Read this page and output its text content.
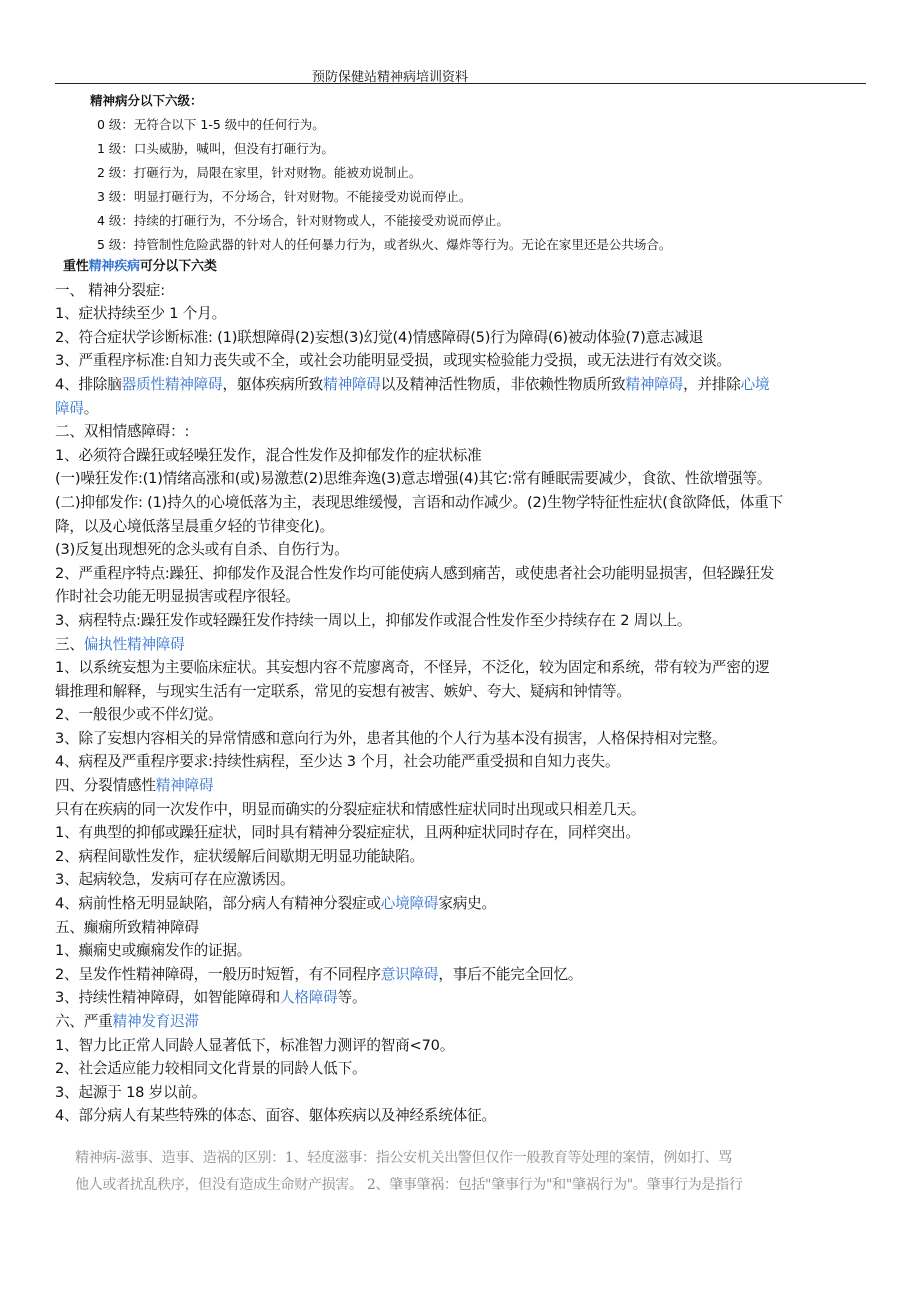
预防保健站精神病培训资料
精神病分以下六级：
0 级：无符合以下 1-5 级中的任何行为。
1 级：口头威胁，喊叫，但没有打砸行为。
2 级：打砸行为，局限在家里，针对财物。能被劝说制止。
3 级：明显打砸行为，不分场合，针对财物。不能接受劝说而停止。
4 级：持续的打砸行为，不分场合，针对财物或人，不能接受劝说而停止。
5 级：持管制性危险武器的针对人的任何暴力行为，或者纵火、爆炸等行为。无论在家里还是公共场合。
重性精神疾病可分以下六类
一、 精神分裂症:
1、症状持续至少 1 个月。
2、符合症状学诊断标准: (1)联想障碍(2)妄想(3)幻觉(4)情感障碍(5)行为障碍(6)被动体验(7)意志减退
3、严重程序标准:自知力丧失或不全，或社会功能明显受损，或现实检验能力受损，或无法进行有效交谈。
4、排除脑器质性精神障碍，躯体疾病所致精神障碍以及精神活性物质，非依赖性物质所致精神障碍，并排除心境
障碍。
二、双相情感障碍：:
1、必须符合躁狂或轻噪狂发作，混合性发作及抑郁发作的症状标准
(一)噪狂发作:(1)情绪高涨和(或)易激惹(2)思维奔逸(3)意志增强(4)其它:常有睡眠需要减少，食欲、性欲增强等。
(二)抑郁发作: (1)持久的心境低落为主，表现思维缓慢，言语和动作减少。(2)生物学特征性症状(食欲降低，体重下
降，以及心境低落呈晨重夕轻的节律变化)。
(3)反复出现想死的念头或有自杀、自伤行为。
2、严重程序特点:躁狂、抑郁发作及混合性发作均可能使病人感到痛苦，或使患者社会功能明显损害，但轻躁狂发
作时社会功能无明显损害或程序很轻。
3、病程特点:躁狂发作或轻躁狂发作持续一周以上，抑郁发作或混合性发作至少持续存在 2 周以上。
三、偏执性精神障碍
1、以系统妄想为主要临床症状。其妄想内容不荒廖离奇，不怪异，不泛化，较为固定和系统，带有较为严密的逻
辑推理和解释，与现实生活有一定联系，常见的妄想有被害、嫉妒、夸大、疑病和钟情等。
2、一般很少或不伴幻觉。
3、除了妄想内容相关的异常情感和意向行为外，患者其他的个人行为基本没有损害，人格保持相对完整。
4、病程及严重程序要求:持续性病程，至少达 3 个月，社会功能严重受损和自知力丧失。
四、分裂情感性精神障碍
只有在疾病的同一次发作中，明显而确实的分裂症症状和情感性症状同时出现或只相差几天。
1、有典型的抑郁或躁狂症状，同时具有精神分裂症症状，且两种症状同时存在，同样突出。
2、病程间歇性发作，症状缓解后间歇期无明显功能缺陷。
3、起病较急，发病可存在应激诱因。
4、病前性格无明显缺陷，部分病人有精神分裂症或心境障碍家病史。
五、癫痫所致精神障碍
1、癫痫史或癫痫发作的证据。
2、呈发作性精神障碍，一般历时短暂，有不同程序意识障碍，事后不能完全回忆。
3、持续性精神障碍，如智能障碍和人格障碍等。
六、严重精神发育迟滞
1、智力比正常人同龄人显著低下，标准智力测评的智商<70。
2、社会适应能力较相同文化背景的同龄人低下。
3、起源于 18 岁以前。
4、部分病人有某些特殊的体态、面容、躯体疾病以及神经系统体征。
精神病-滋事、造事、造祸的区别：1、轻度滋事：指公安机关出警但仅作一般教育等处理的案情，例如打、骂
他人或者扰乱秩序，但没有造成生命财产损害。 2、肇事肇祸：包括"肇事行为"和"肇祸行为"。肇事行为是指行
